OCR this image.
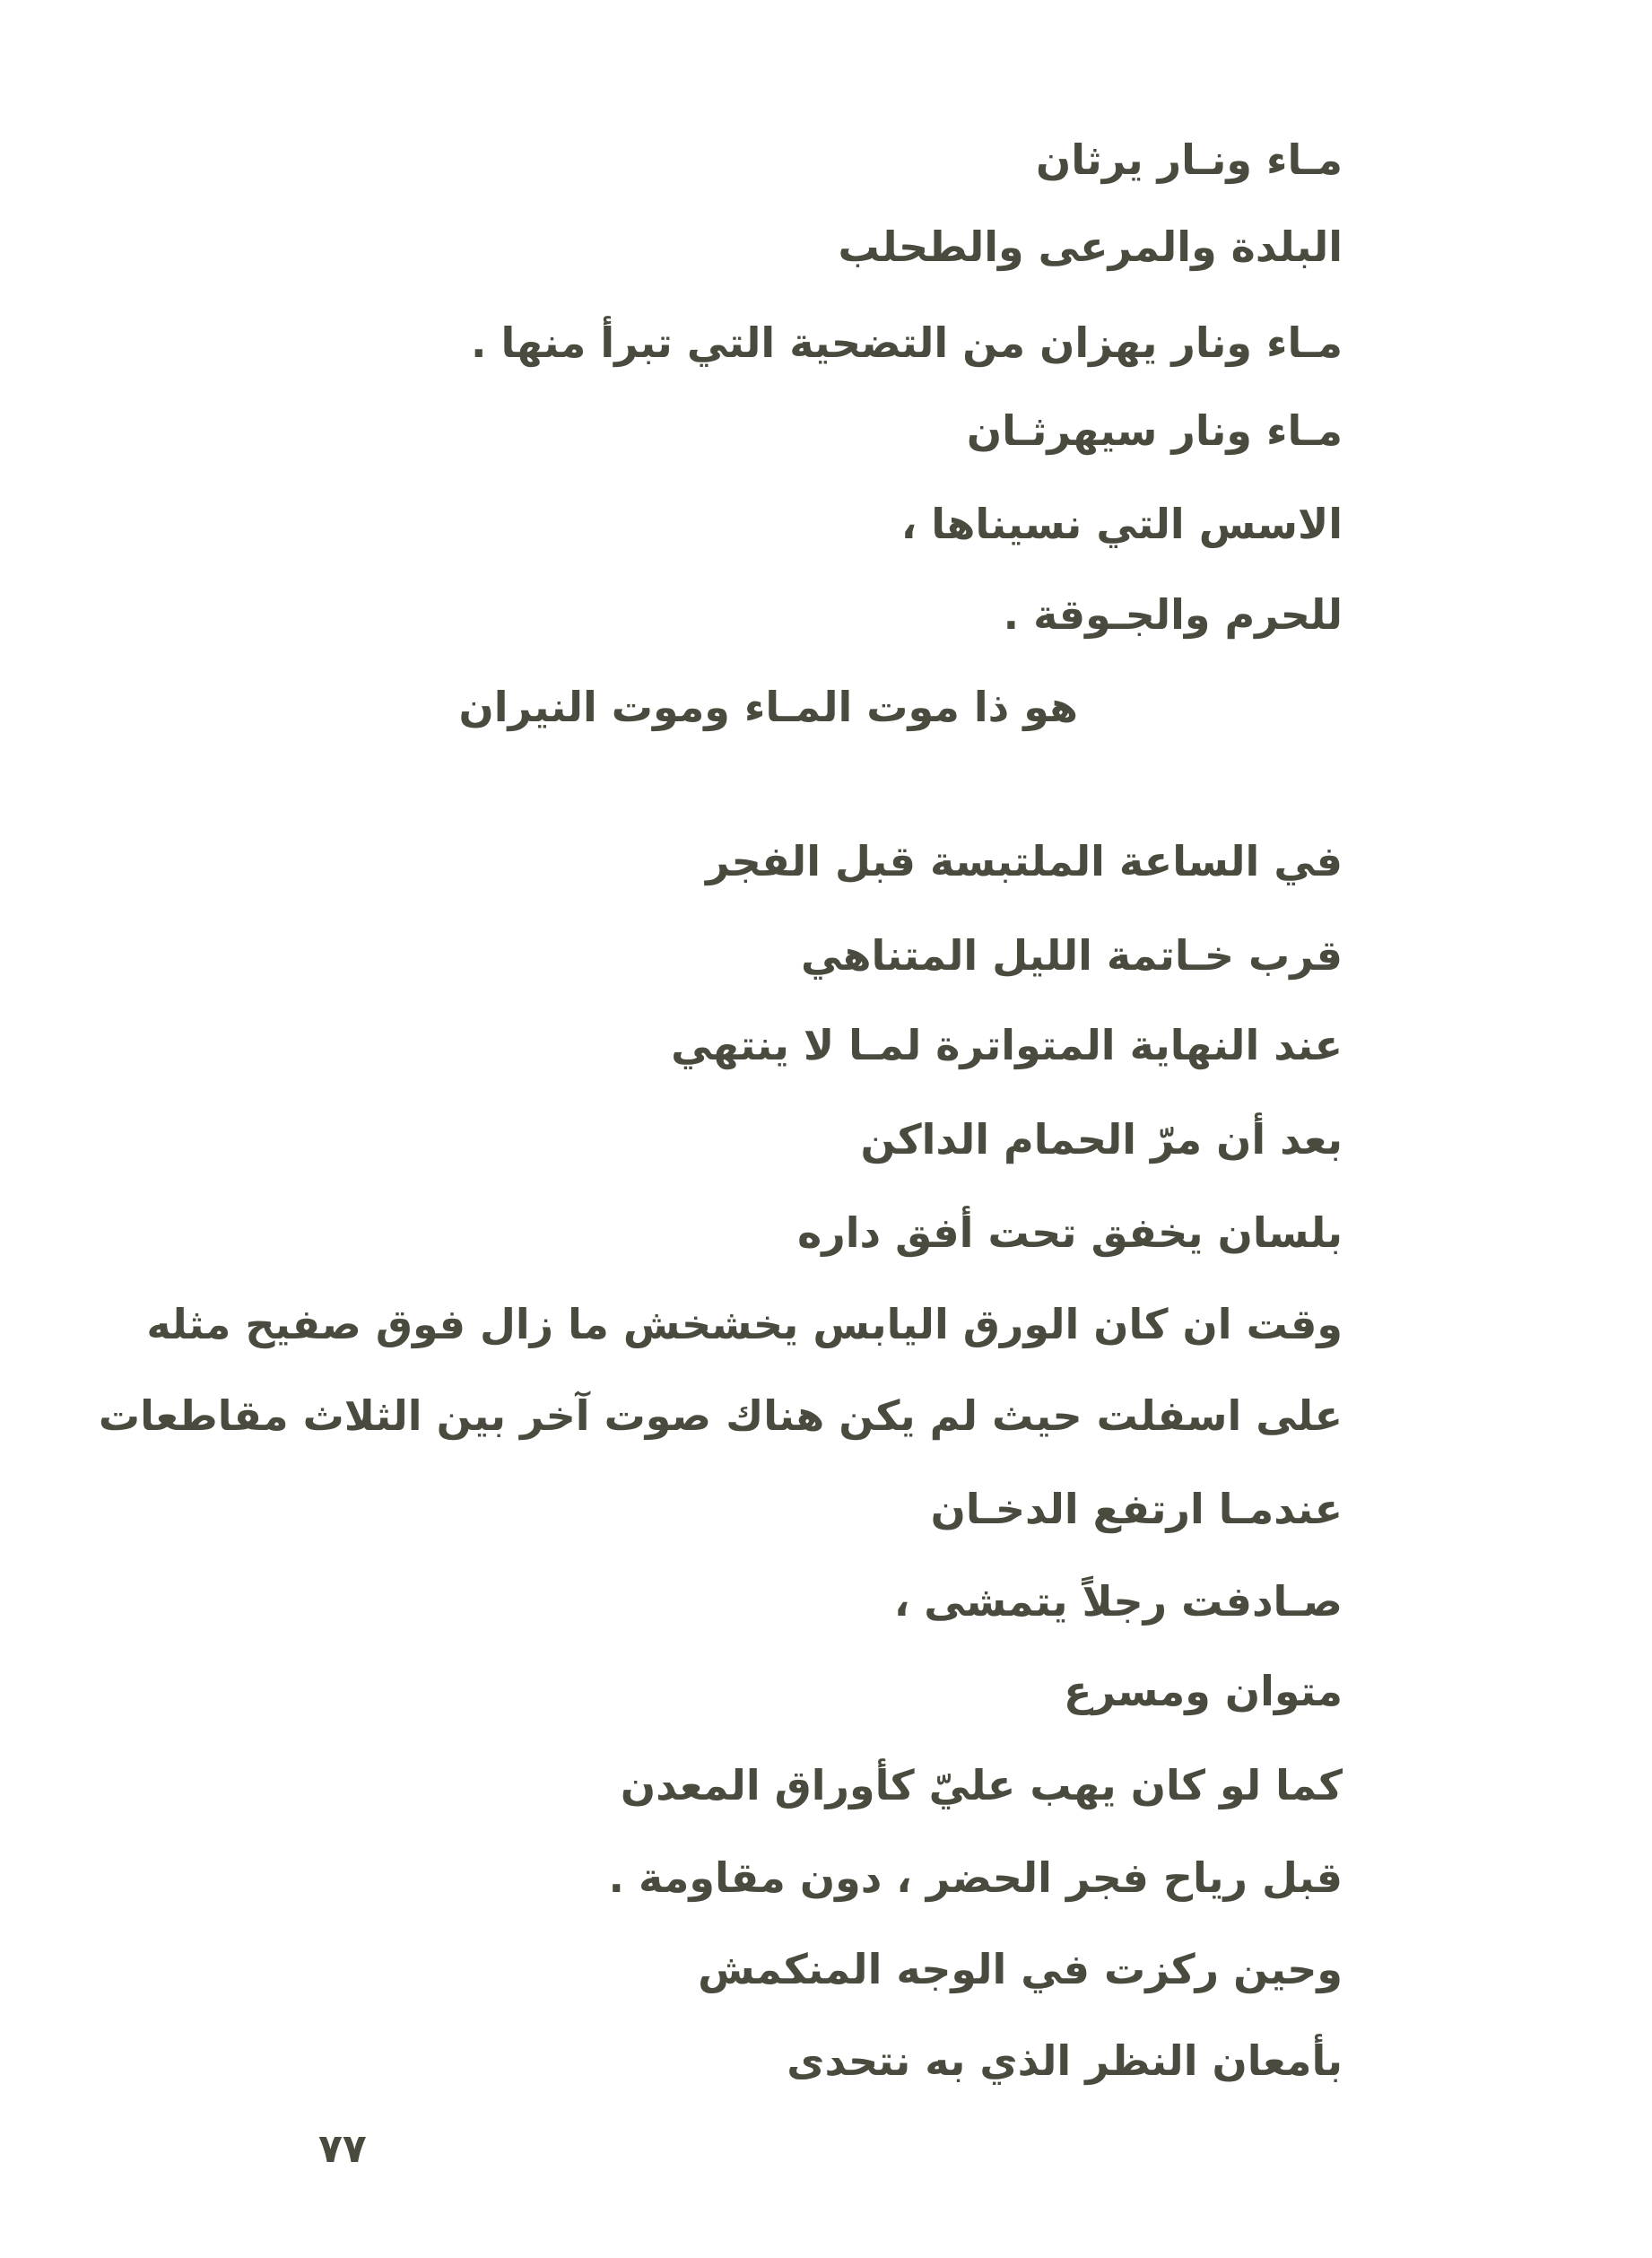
مـاء ونـار يرثان
البلدة والمرعى والطحلب
مـاء ونار يهزان من التضحية التي تبرأ منها .
مـاء ونار سيهرثـان
الاسس التي نسيناها ،
للحرم والجـوقة .
هو ذا موت المـاء وموت النيران
في الساعة الملتبسة قبل الفجر
قرب خـاتمة الليل المتناهي
عند النهاية المتواترة لمـا لا ينتهي
بعد أن مرّ الحمام الداكن
بلسان يخفق تحت أفق داره
وقت ان كان الورق اليابس يخشخش ما زال فوق صفيح مثله
على اسفلت حيث لم يكن هناك صوت آخر بين الثلاث مقاطعات
عندمـا ارتفع الدخـان
صـادفت رجلاً يتمشى ،
متوان ومسرع
كما لو كان يهب عليّ كأوراق المعدن
قبل رياح فجر الحضر ، دون مقاومة .
وحين ركزت في الوجه المنكمش
بأمعان النظر الذي به نتحدى
٧٧
